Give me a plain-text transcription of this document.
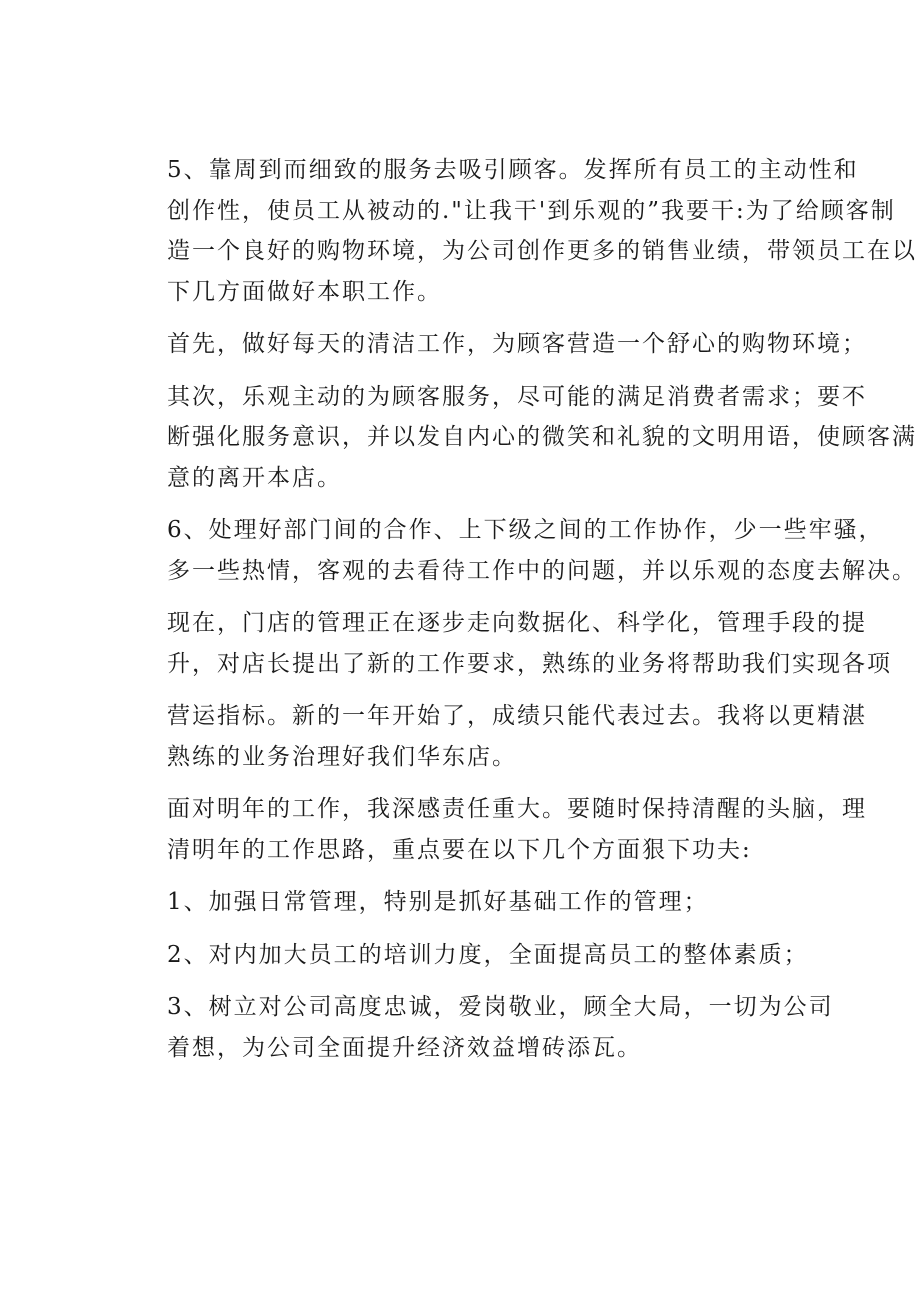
5、靠周到而细致的服务去吸引顾客。发挥所有员工的主动性和
创作性，使员工从被动的."让我干'到乐观的”我要干:为了给顾客制
造一个良好的购物环境，为公司创作更多的销售业绩，带领员工在以
下几方面做好本职工作。

首先，做好每天的清洁工作，为顾客营造一个舒心的购物环境；

其次，乐观主动的为顾客服务，尽可能的满足消费者需求；要不
断强化服务意识，并以发自内心的微笑和礼貌的文明用语，使顾客满
意的离开本店。

6、处理好部门间的合作、上下级之间的工作协作，少一些牢骚，
多一些热情，客观的去看待工作中的问题，并以乐观的态度去解决。

现在，门店的管理正在逐步走向数据化、科学化，管理手段的提
升，对店长提出了新的工作要求，熟练的业务将帮助我们实现各项

营运指标。新的一年开始了，成绩只能代表过去。我将以更精湛
熟练的业务治理好我们华东店。

面对明年的工作，我深感责任重大。要随时保持清醒的头脑，理
清明年的工作思路，重点要在以下几个方面狠下功夫:

1、加强日常管理，特别是抓好基础工作的管理；

2、对内加大员工的培训力度，全面提高员工的整体素质；

3、树立对公司高度忠诚，爱岗敬业，顾全大局，一切为公司
着想，为公司全面提升经济效益增砖添瓦。
